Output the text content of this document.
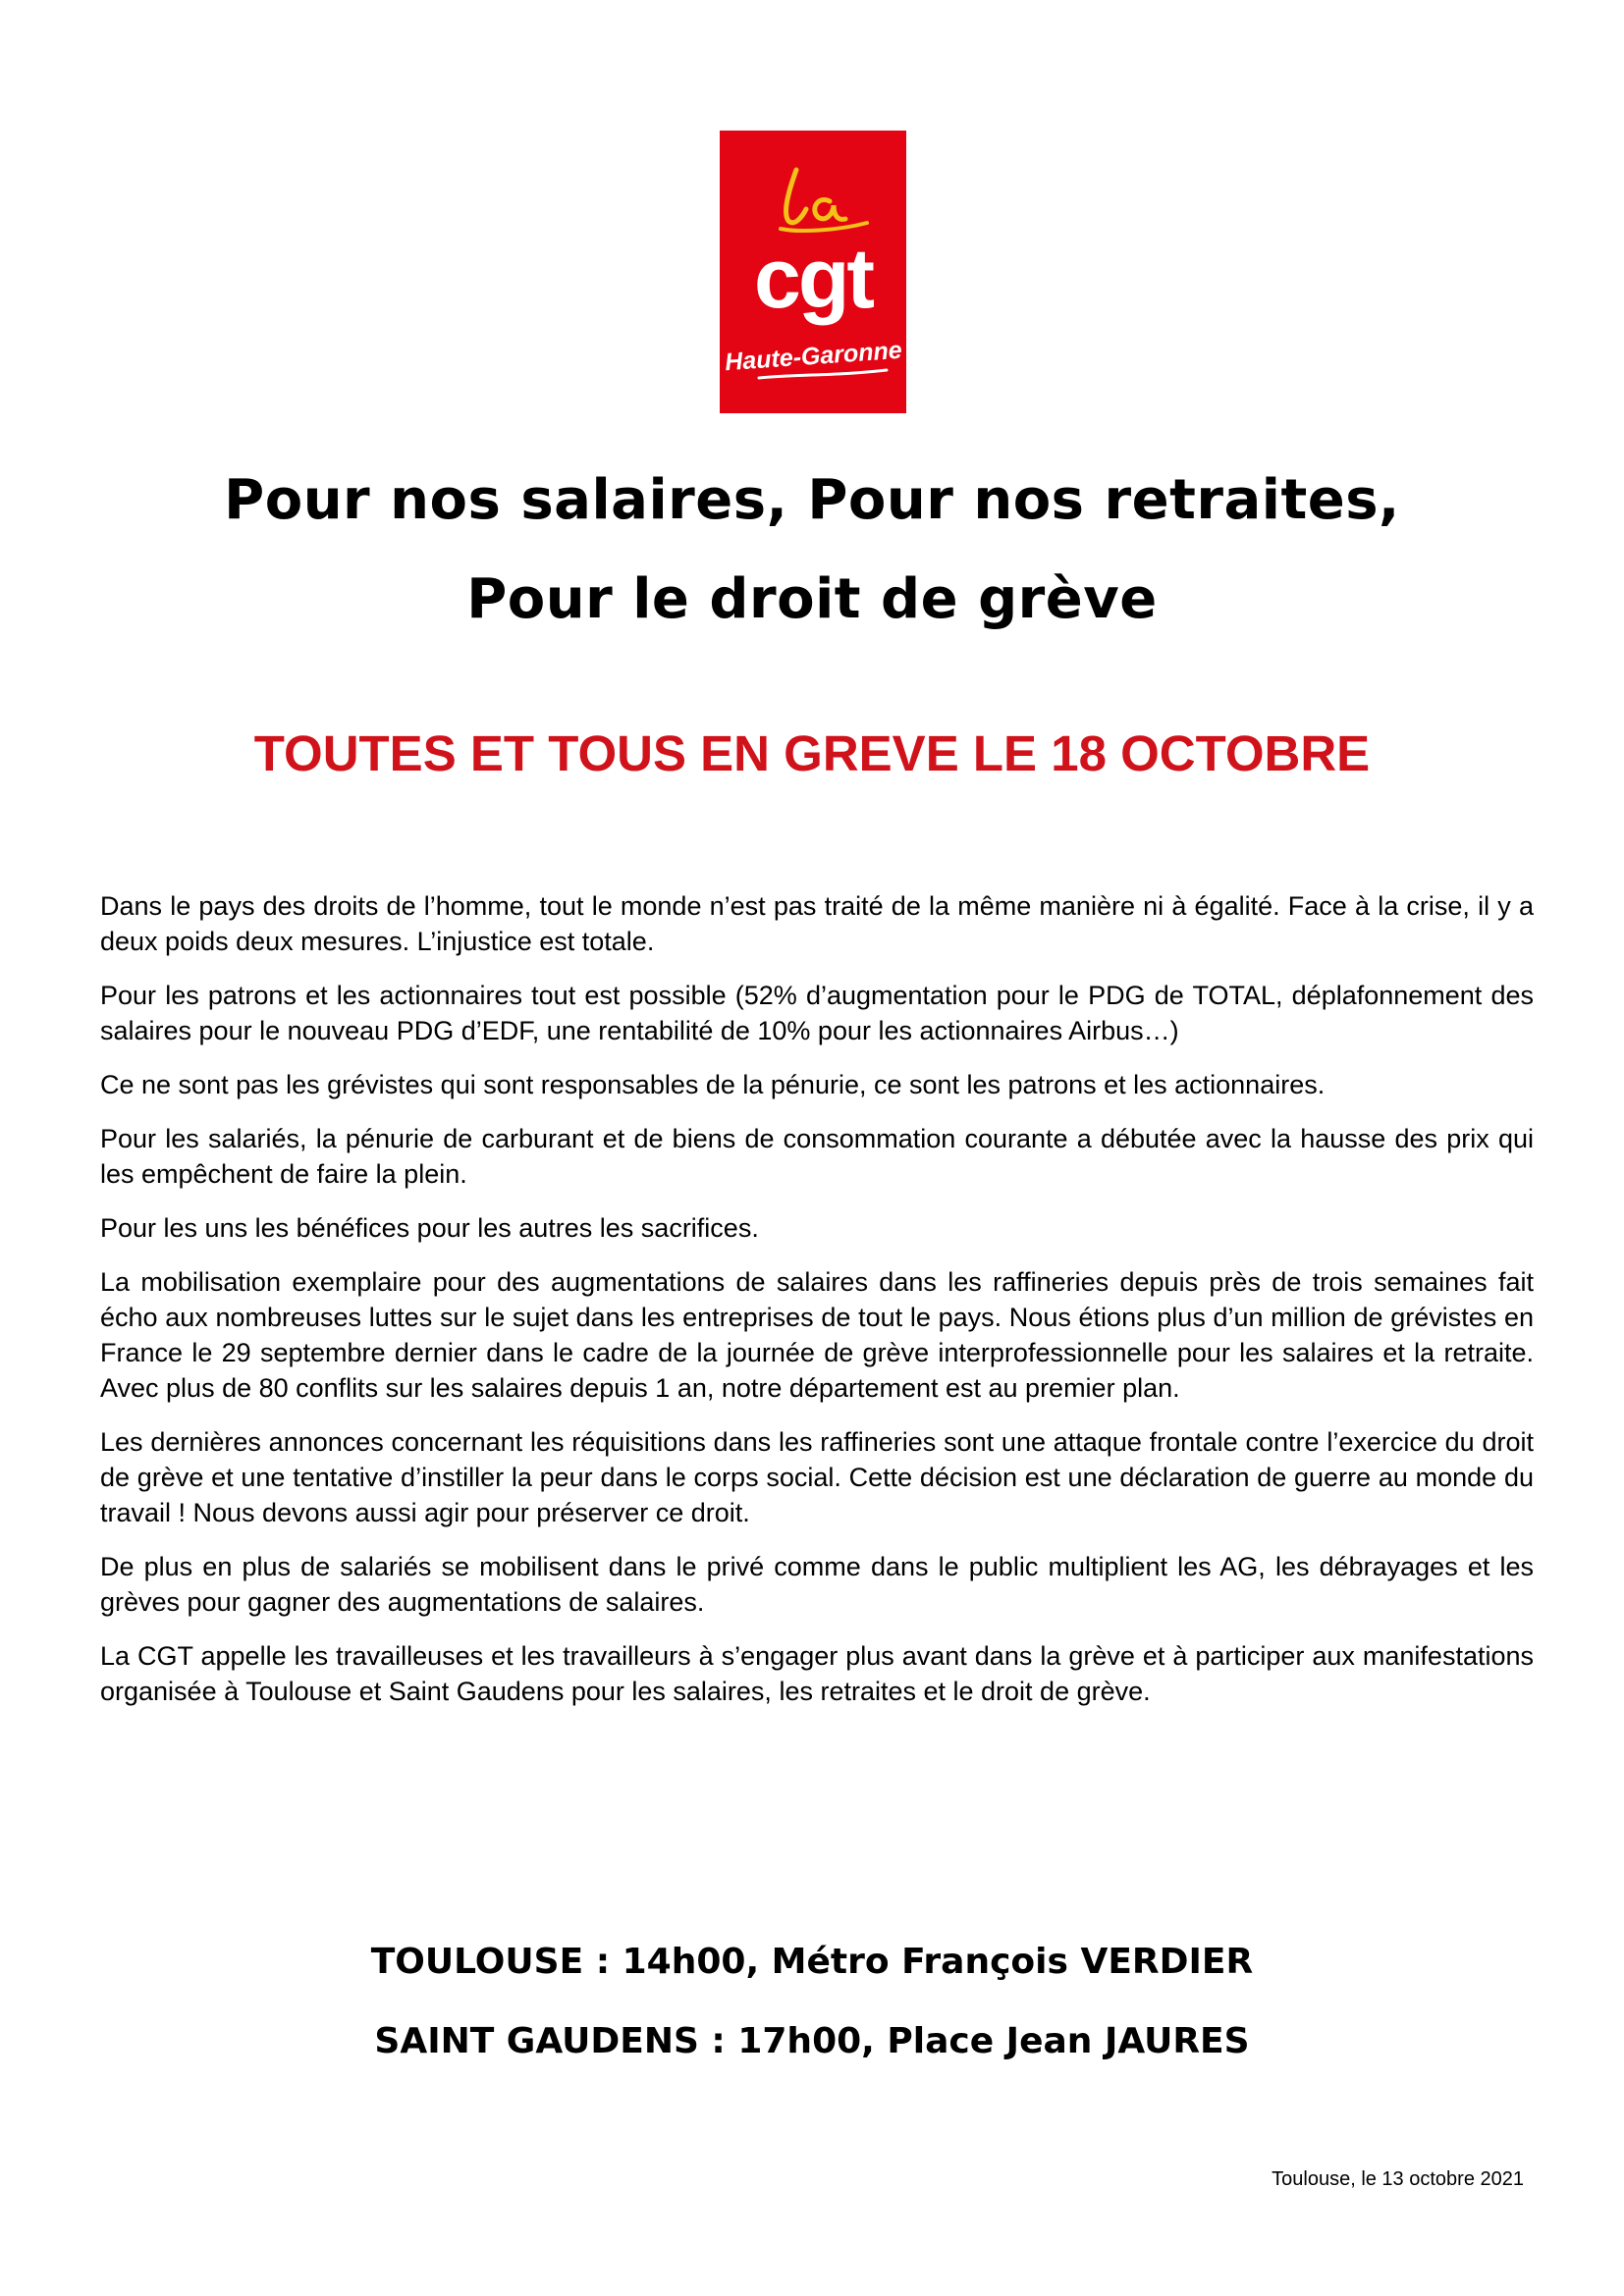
cgt
Haute-Garonne
Pour nos salaires, Pour nos retraites,
Pour le droit de grève
TOUTES ET TOUS EN GREVE LE 18 OCTOBRE

Dans le pays des droits de l’homme, tout le monde n’est pas traité de la même manière ni à égalité. Face à la crise, il y a deux poids deux mesures. L’injustice est totale.

Pour les patrons et les actionnaires tout est possible (52% d’augmentation pour le PDG de TOTAL, déplafonnement des salaires pour le nouveau PDG d’EDF, une rentabilité de 10% pour les actionnaires Airbus…)

Ce ne sont pas les grévistes qui sont responsables de la pénurie, ce sont les patrons et les actionnaires.

Pour les salariés, la pénurie de carburant et de biens de consommation courante a débutée avec la hausse des prix qui les empêchent de faire la plein.

Pour les uns les bénéfices pour les autres les sacrifices.

La mobilisation exemplaire pour des augmentations de salaires dans les raffineries depuis près de trois semaines fait écho aux nombreuses luttes sur le sujet dans les entreprises de tout le pays. Nous étions plus d’un million de grévistes en France le 29 septembre dernier dans le cadre de la journée de grève interprofessionnelle pour les salaires et la retraite. Avec plus de 80 conflits sur les salaires depuis 1 an, notre département est au premier plan.

Les dernières annonces concernant les réquisitions dans les raffineries sont une attaque frontale contre l’exercice du droit de grève et une tentative d’instiller la peur dans le corps social. Cette décision est une déclaration de guerre au monde du travail ! Nous devons aussi agir pour préserver ce droit.

De plus en plus de salariés se mobilisent dans le privé comme dans le public multiplient les AG, les débrayages et les grèves pour gagner des augmentations de salaires.

La CGT appelle les travailleuses et les travailleurs à s’engager plus avant dans la grève et à participer aux manifestations organisée à Toulouse et Saint Gaudens pour les salaires, les retraites et le droit de grève.

TOULOUSE : 14h00, Métro François VERDIER
SAINT GAUDENS : 17h00, Place Jean JAURES
Toulouse, le 13 octobre 2021
